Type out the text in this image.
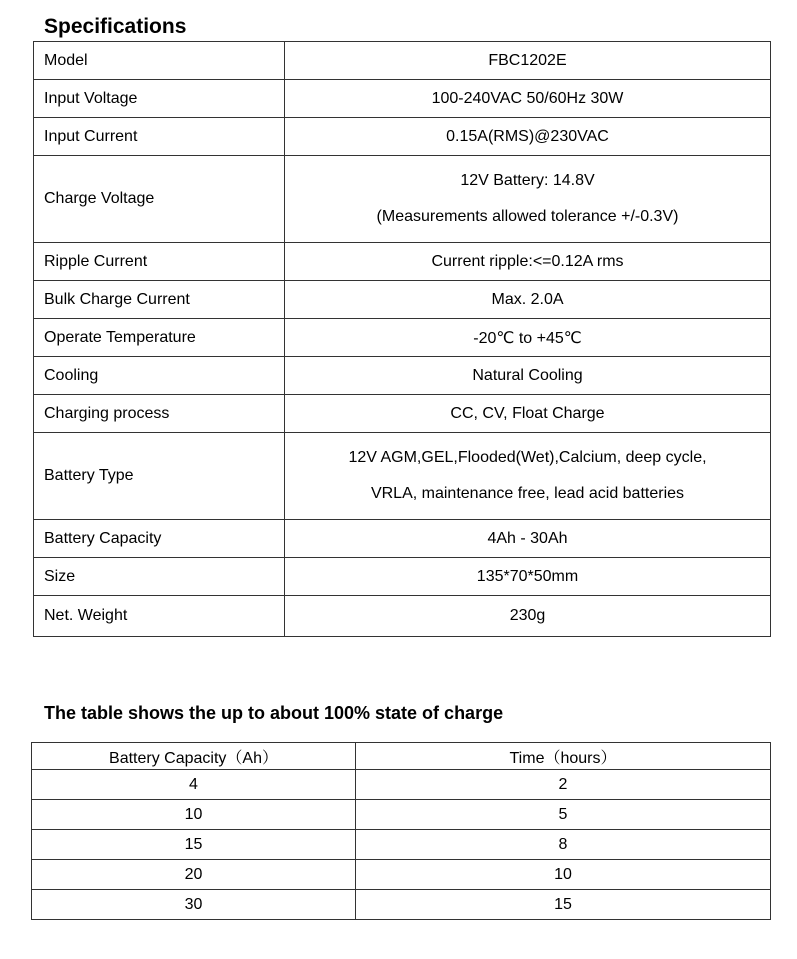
Specifications
Model	FBC1202E

Input Voltage	100-240VAC 50/60Hz 30W

Input Current	0.15A(RMS)@230VAC

Charge Voltage	12V Battery: 14.8V
(Measurements allowed tolerance +/-0.3V)

Ripple Current	Current ripple:<=0.12A rms

Bulk Charge Current	Max. 2.0A

Operate Temperature	-20℃ to +45℃

Cooling	Natural Cooling

Charging process	CC, CV, Float Charge

Battery Type	12V AGM,GEL,Flooded(Wet),Calcium, deep cycle,
VRLA, maintenance free, lead acid batteries

Battery Capacity	4Ah - 30Ah

Size	135*70*50mm

Net. Weight	230g
The table shows the up to about 100% state of charge
Battery Capacity（Ah）	Time（hours）
4	2
10	5
15	8
20	10
30	15
